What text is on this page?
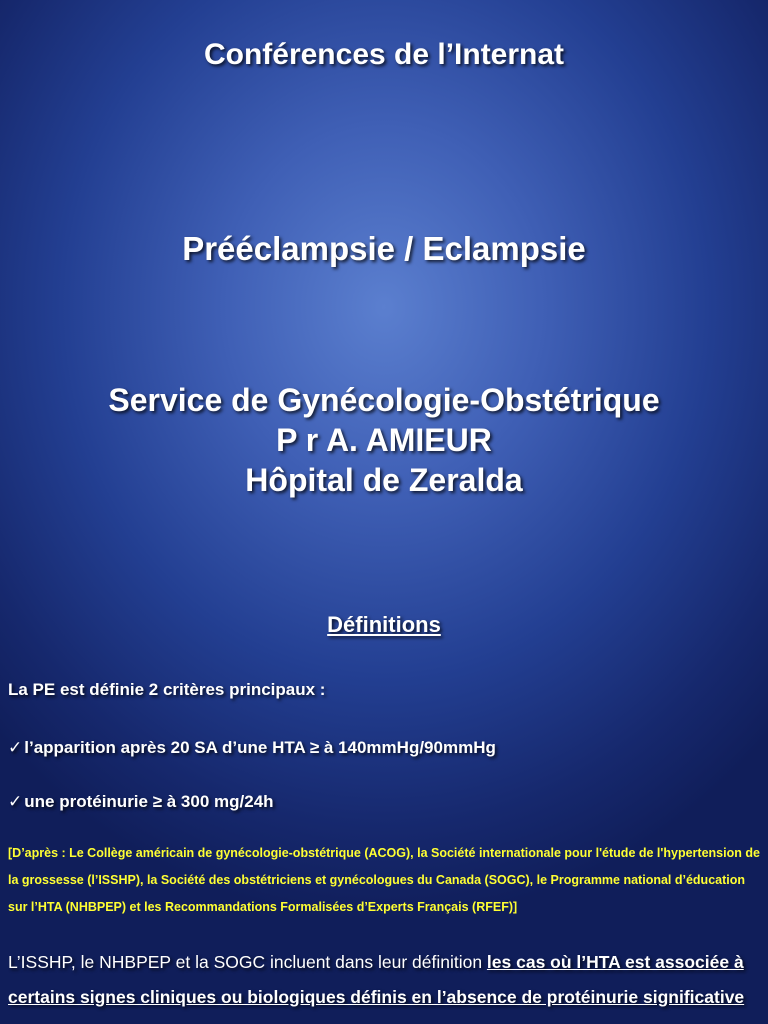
Conférences de l’Internat
Prééclampsie / Eclampsie
Service de Gynécologie-Obstétrique
P r A. AMIEUR
Hôpital de Zeralda
Définitions
La PE est définie 2 critères principaux :
✓ l’apparition après 20 SA d’une HTA ≥ à 140mmHg/90mmHg
✓ une protéinurie ≥ à 300 mg/24h
[D’après : Le Collège américain de gynécologie-obstétrique (ACOG), la Société internationale pour l'étude de l'hypertension de la grossesse (l’ISSHP), la Société des obstétriciens et gynécologues du Canada (SOGC), le Programme national d’éducation sur l’HTA (NHBPEP) et les Recommandations Formalisées d’Experts Français (RFEF)]
L’ISSHP, le NHBPEP et la SOGC incluent dans leur définition les cas où l’HTA est associée à certains signes cliniques ou biologiques définis en l’absence de protéinurie significative
